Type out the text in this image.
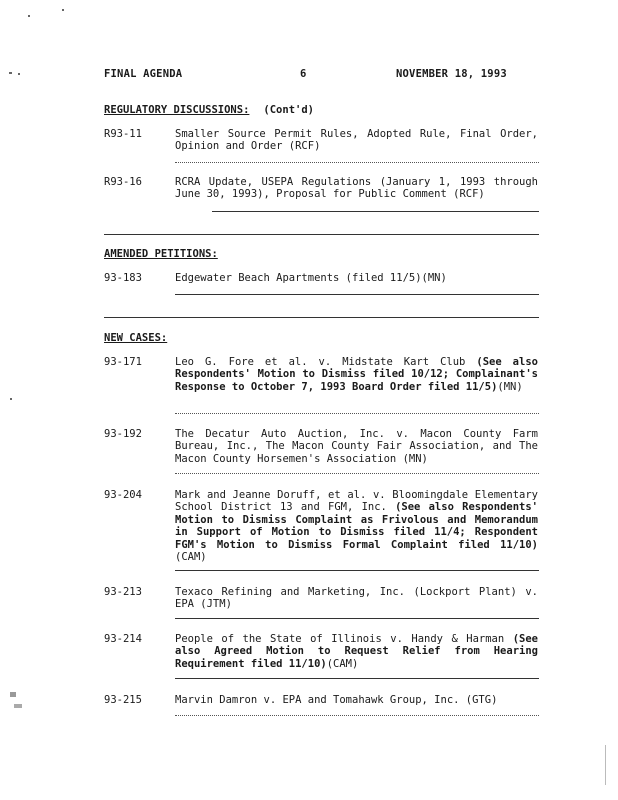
FINAL AGENDA	6	NOVEMBER 18, 1993
REGULATORY DISCUSSIONS: (Cont'd)
R93-11	Smaller Source Permit Rules, Adopted Rule, Final Order, Opinion and Order (RCF)
R93-16	RCRA Update, USEPA Regulations (January 1, 1993 through June 30, 1993), Proposal for Public Comment (RCF)
AMENDED PETITIONS:
93-183	Edgewater Beach Apartments (filed 11/5)(MN)
NEW CASES:
93-171	Leo G. Fore et al. v. Midstate Kart Club (See also Respondents' Motion to Dismiss filed 10/12; Complainant's Response to October 7, 1993 Board Order filed 11/5)(MN)
93-192	The Decatur Auto Auction, Inc. v. Macon County Farm Bureau, Inc., The Macon County Fair Association, and The Macon County Horsemen's Association (MN)
93-204	Mark and Jeanne Doruff, et al. v. Bloomingdale Elementary School District 13 and FGM, Inc. (See also Respondents' Motion to Dismiss Complaint as Frivolous and Memorandum in Support of Motion to Dismiss filed 11/4; Respondent FGM's Motion to Dismiss Formal Complaint filed 11/10)(CAM)
93-213	Texaco Refining and Marketing, Inc. (Lockport Plant) v. EPA (JTM)
93-214	People of the State of Illinois v. Handy & Harman (See also Agreed Motion to Request Relief from Hearing Requirement filed 11/10)(CAM)
93-215	Marvin Damron v. EPA and Tomahawk Group, Inc. (GTG)
